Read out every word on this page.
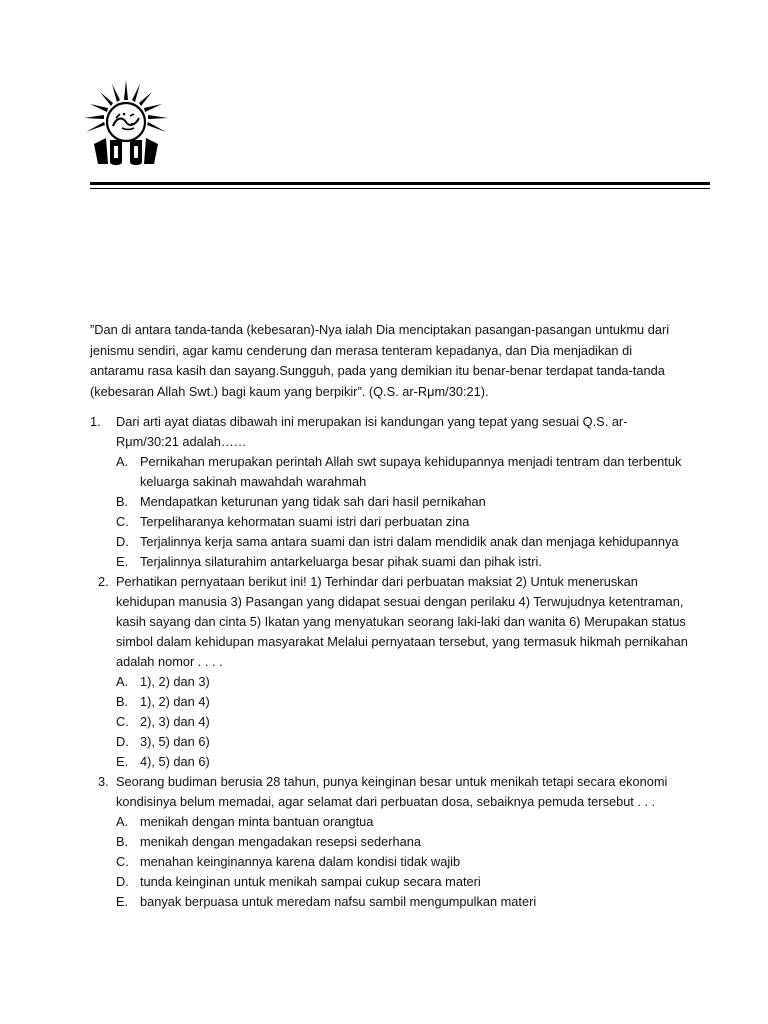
”Dan di antara tanda-tanda (kebesaran)-Nya ialah Dia menciptakan pasangan-pasangan untukmu dari jenismu sendiri, agar kamu cenderung dan merasa tenteram kepadanya, dan Dia menjadikan di antaramu rasa kasih dan sayang.Sungguh, pada yang demikian itu benar-benar terdapat tanda-tanda (kebesaran Allah Swt.) bagi kaum yang berpikir”. (Q.S. ar-Rμm/30:21).
1.	Dari arti ayat diatas dibawah ini merupakan isi kandungan yang tepat yang sesuai Q.S. ar-Rμm/30:21 adalah……
A. Pernikahan merupakan perintah Allah swt supaya kehidupannya menjadi tentram dan terbentuk keluarga sakinah mawahdah warahmah
B. Mendapatkan keturunan yang tidak sah dari hasil pernikahan
C. Terpeliharanya kehormatan suami istri dari perbuatan zina
D. Terjalinnya kerja sama antara suami dan istri dalam mendidik anak dan menjaga kehidupannya
E. Terjalinnya silaturahim antarkeluarga besar pihak suami dan pihak istri.
2. Perhatikan pernyataan berikut ini! 1) Terhindar dari perbuatan maksiat 2) Untuk meneruskan kehidupan manusia 3) Pasangan yang didapat sesuai dengan perilaku 4) Terwujudnya ketentraman, kasih sayang dan cinta 5) Ikatan yang menyatukan seorang laki-laki dan wanita 6) Merupakan status simbol dalam kehidupan masyarakat Melalui pernyataan tersebut, yang termasuk hikmah pernikahan adalah nomor . . . .
A. 1), 2) dan 3)
B. 1), 2) dan 4)
C. 2), 3) dan 4)
D. 3), 5) dan 6)
E. 4), 5) dan 6)
3. Seorang budiman berusia 28 tahun, punya keinginan besar untuk menikah tetapi secara ekonomi kondisinya belum memadai, agar selamat dari perbuatan dosa, sebaiknya pemuda tersebut . . .
A. menikah dengan minta bantuan orangtua
B. menikah dengan mengadakan resepsi sederhana
C. menahan keinginannya karena dalam kondisi tidak wajib
D. tunda keinginan untuk menikah sampai cukup secara materi
E. banyak berpuasa untuk meredam nafsu sambil mengumpulkan materi
